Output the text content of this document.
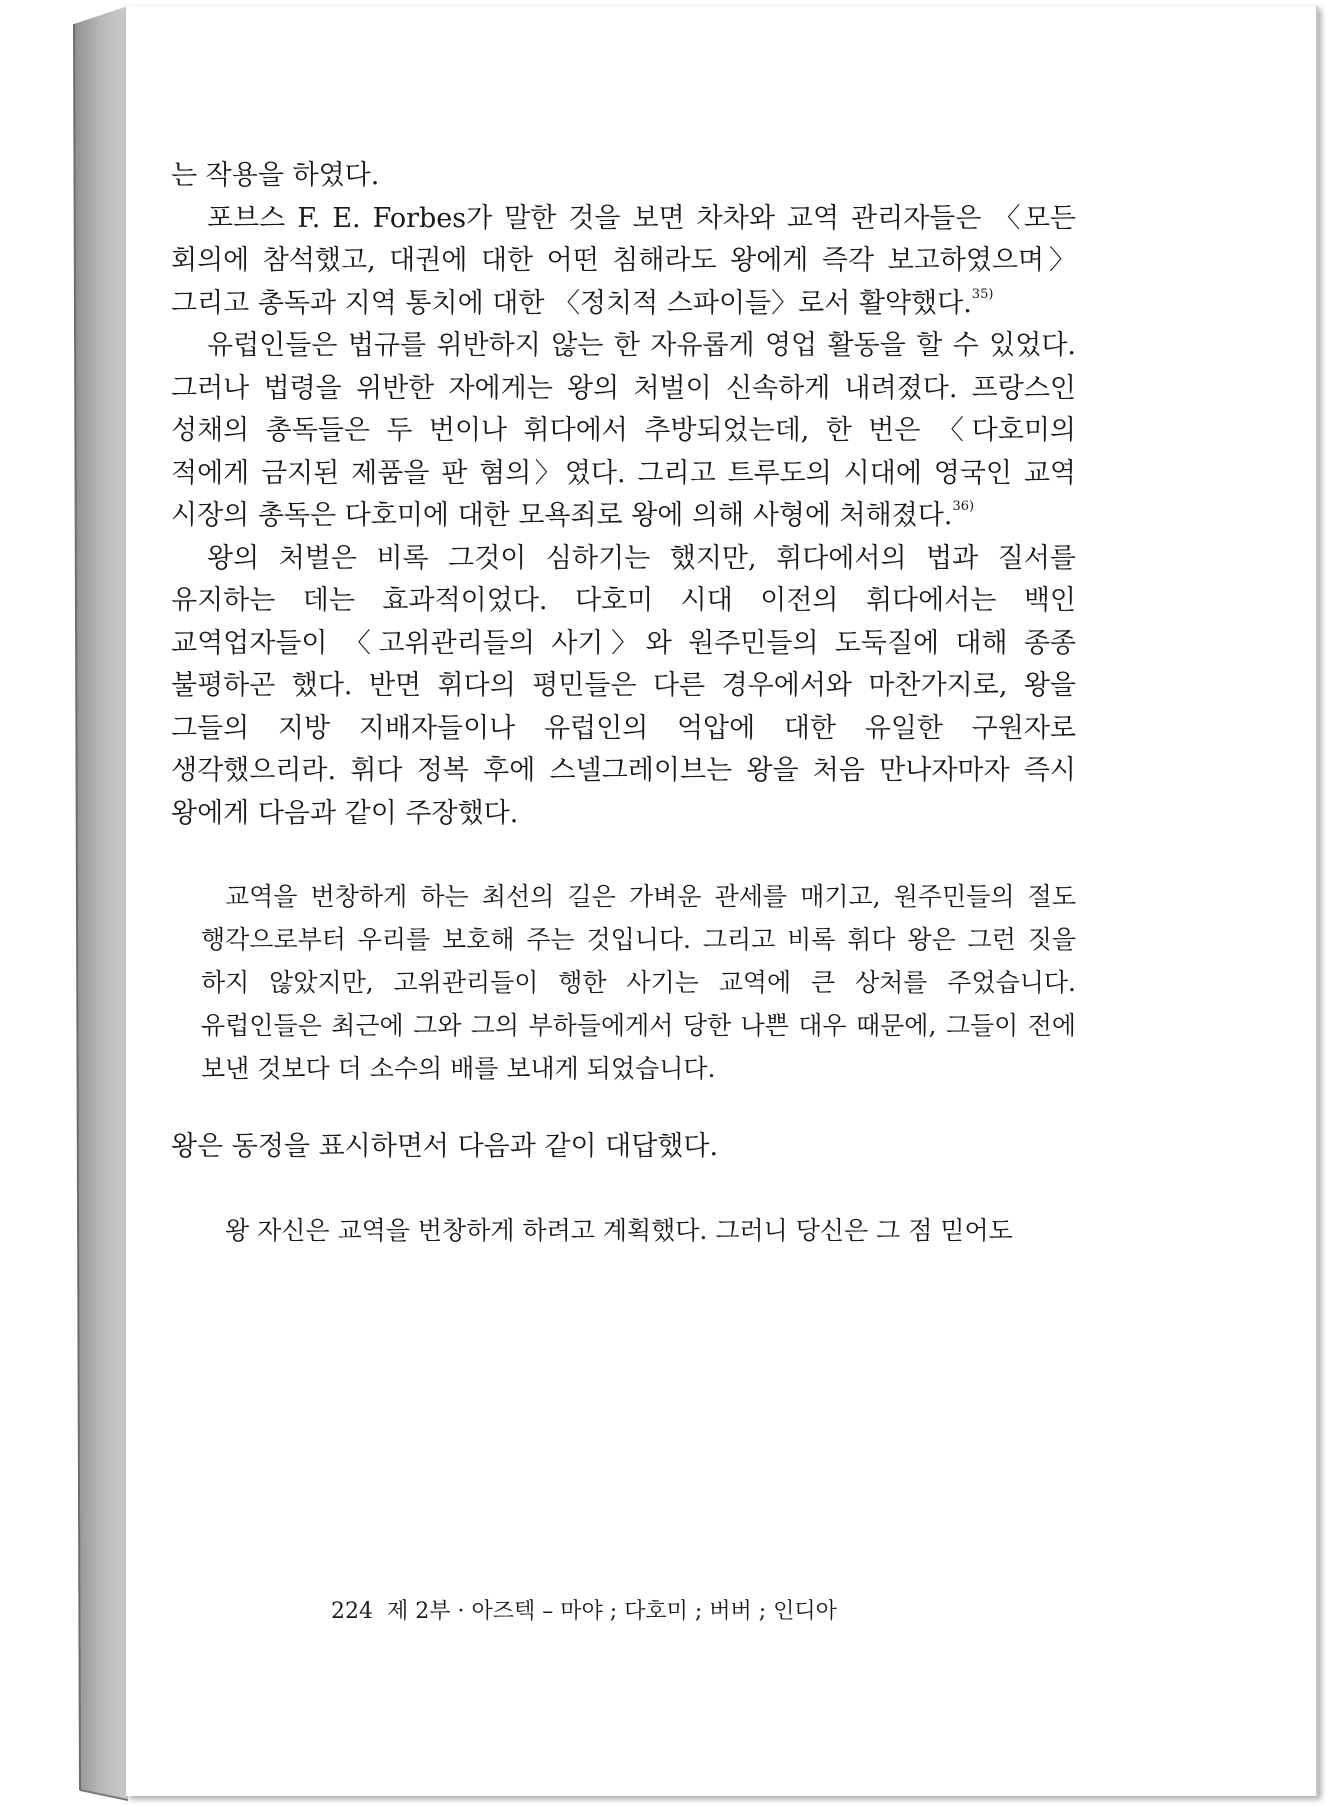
는 작용을 하였다.

포브스 F. E. Forbes가 말한 것을 보면 차차와 교역 관리자들은 〈모든 회의에 참석했고, 대권에 대한 어떤 침해라도 왕에게 즉각 보고하였으며〉 그리고 총독과 지역 통치에 대한 〈정치적 스파이들〉로서 활약했다.$^{35)}$

유럽인들은 법규를 위반하지 않는 한 자유롭게 영업 활동을 할 수 있었다. 그러나 법령을 위반한 자에게는 왕의 처벌이 신속하게 내려졌다. 프랑스인 성채의 총독들은 두 번이나 휘다에서 추방되었는데, 한 번은 〈다호미의 적에게 금지된 제품을 판 혐의〉였다. 그리고 트루도의 시대에 영국인 교역 시장의 총독은 다호미에 대한 모욕죄로 왕에 의해 사형에 처해졌다.$^{36)}$

왕의 처벌은 비록 그것이 심하기는 했지만, 휘다에서의 법과 질서를 유지하는 데는 효과적이었다. 다호미 시대 이전의 휘다에서는 백인 교역업자들이 〈고위관리들의 사기〉와 원주민들의 도둑질에 대해 종종 불평하곤 했다. 반면 휘다의 평민들은 다른 경우에서와 마찬가지로, 왕을 그들의 지방 지배자들이나 유럽인의 억압에 대한 유일한 구원자로 생각했으리라. 휘다 정복 후에 스넬그레이브는 왕을 처음 만나자마자 즉시 왕에게 다음과 같이 주장했다.

교역을 번창하게 하는 최선의 길은 가벼운 관세를 매기고, 원주민들의 절도 행각으로부터 우리를 보호해 주는 것입니다. 그리고 비록 휘다 왕은 그런 짓을 하지 않았지만, 고위관리들이 행한 사기는 교역에 큰 상처를 주었습니다. 유럽인들은 최근에 그와 그의 부하들에게서 당한 나쁜 대우 때문에, 그들이 전에 보낸 것보다 더 소수의 배를 보내게 되었습니다.

왕은 동정을 표시하면서 다음과 같이 대답했다.

왕 자신은 교역을 번창하게 하려고 계획했다. 그러니 당신은 그 점 믿어도

224 제 2부 · 아즈텍 – 마야 ; 다호미 ; 버버 ; 인디아
